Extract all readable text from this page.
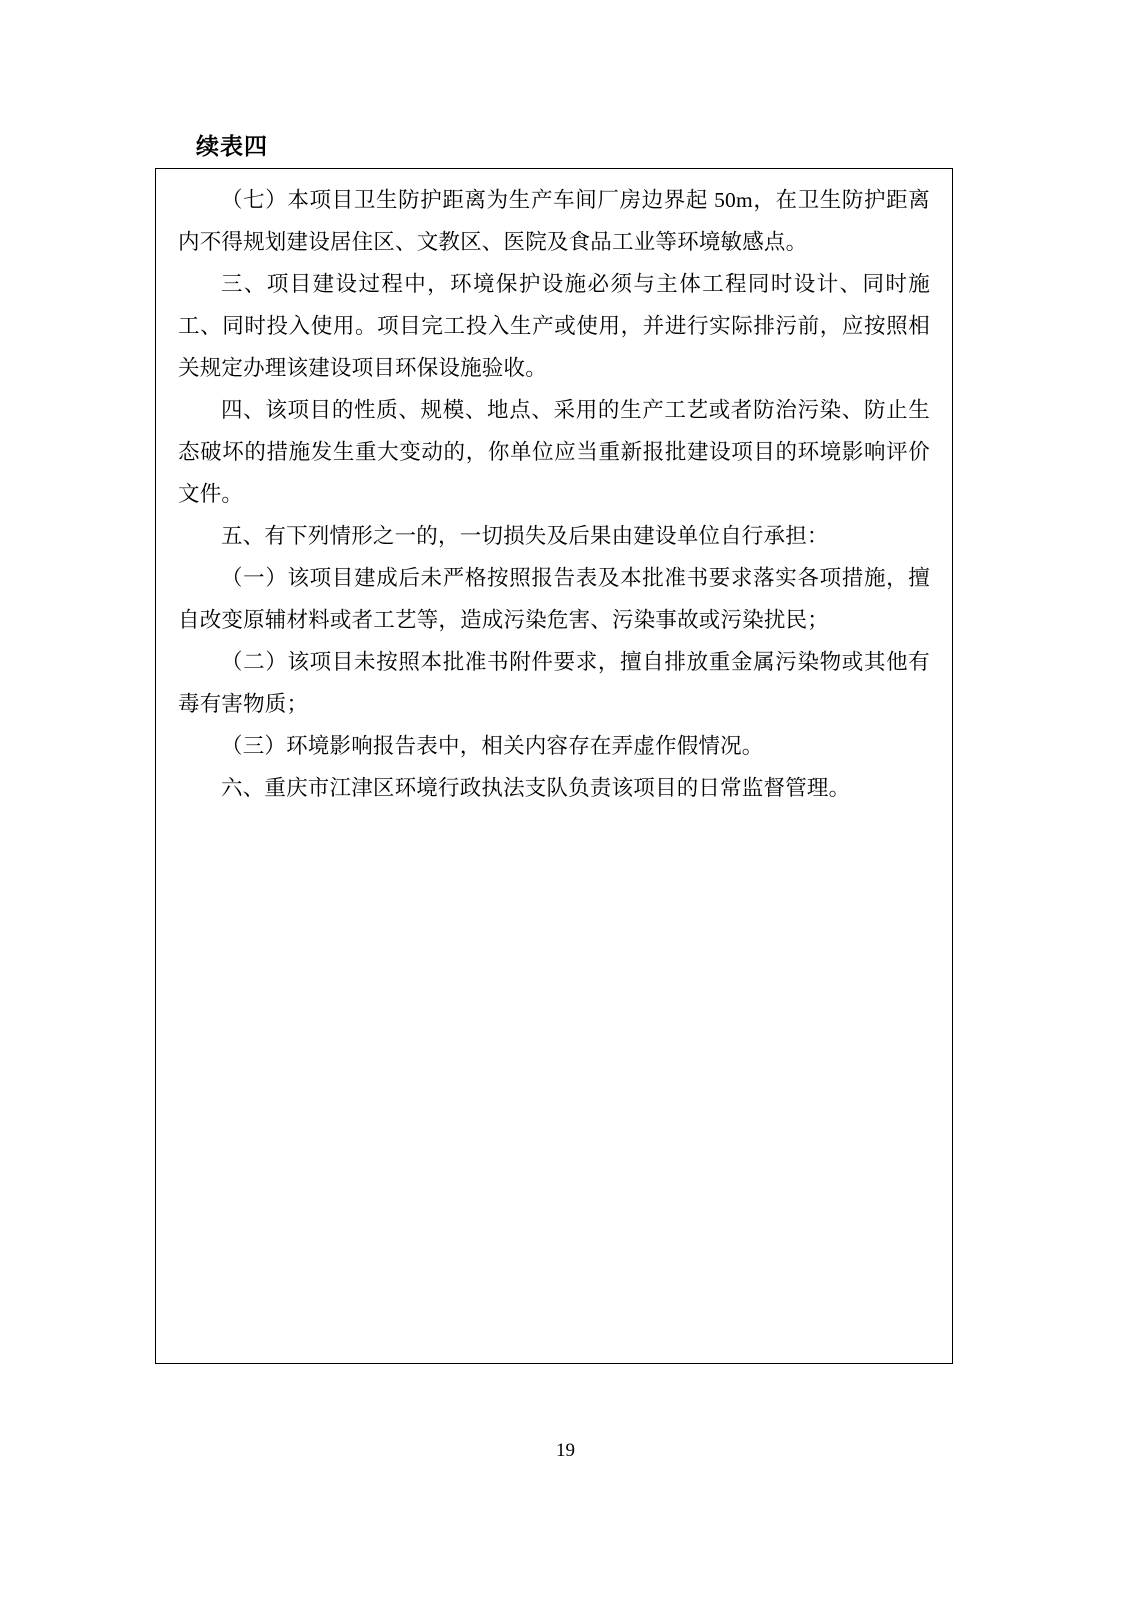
续表四

（七）本项目卫生防护距离为生产车间厂房边界起 50m，在卫生防护距离内不得规划建设居住区、文教区、医院及食品工业等环境敏感点。

三、项目建设过程中，环境保护设施必须与主体工程同时设计、同时施工、同时投入使用。项目完工投入生产或使用，并进行实际排污前，应按照相关规定办理该建设项目环保设施验收。

四、该项目的性质、规模、地点、采用的生产工艺或者防治污染、防止生态破坏的措施发生重大变动的，你单位应当重新报批建设项目的环境影响评价文件。

五、有下列情形之一的，一切损失及后果由建设单位自行承担：

（一）该项目建成后未严格按照报告表及本批准书要求落实各项措施，擅自改变原辅材料或者工艺等，造成污染危害、污染事故或污染扰民；

（二）该项目未按照本批准书附件要求，擅自排放重金属污染物或其他有毒有害物质；

（三）环境影响报告表中，相关内容存在弄虚作假情况。

六、重庆市江津区环境行政执法支队负责该项目的日常监督管理。

19
